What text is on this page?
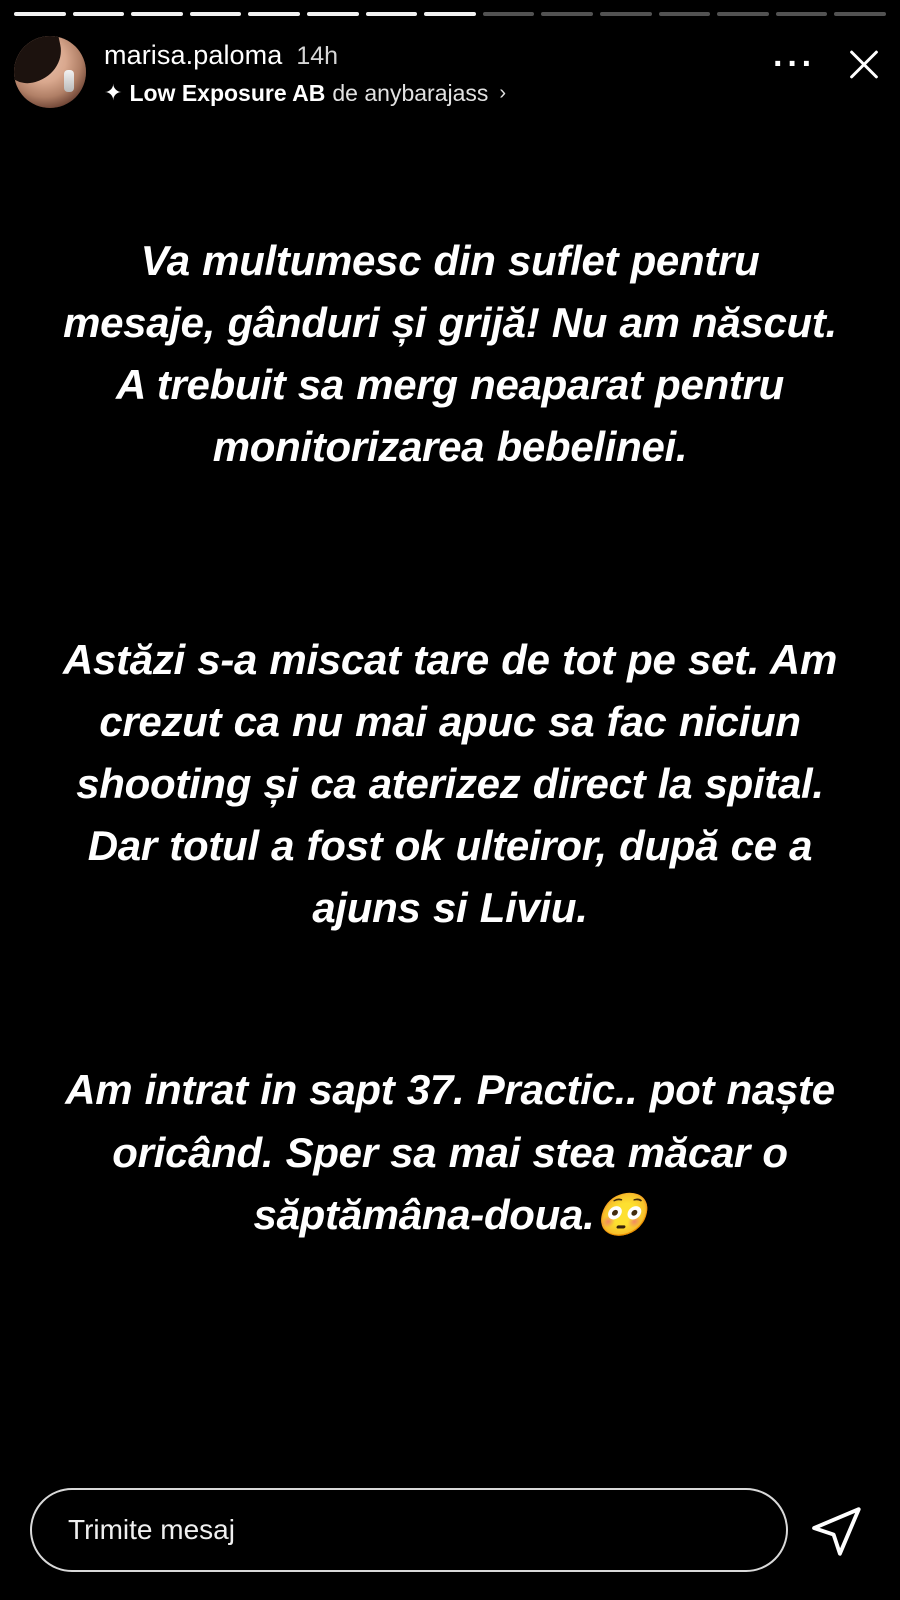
marisa.paloma 14h
✦ Low Exposure AB de anybarajass ›
···

Va multumesc din suflet pentru mesaje, gânduri și grijă! Nu am născut. A trebuit sa merg neaparat pentru monitorizarea bebelinei.

Astăzi s-a miscat tare de tot pe set. Am crezut ca nu mai apuc sa fac niciun shooting și ca aterizez direct la spital. Dar totul a fost ok ulteiror, după ce a ajuns si Liviu.

Am intrat in sapt 37. Practic.. pot naște oricând. Sper sa mai stea măcar o săptămâna-doua.😳

Trimite mesaj
